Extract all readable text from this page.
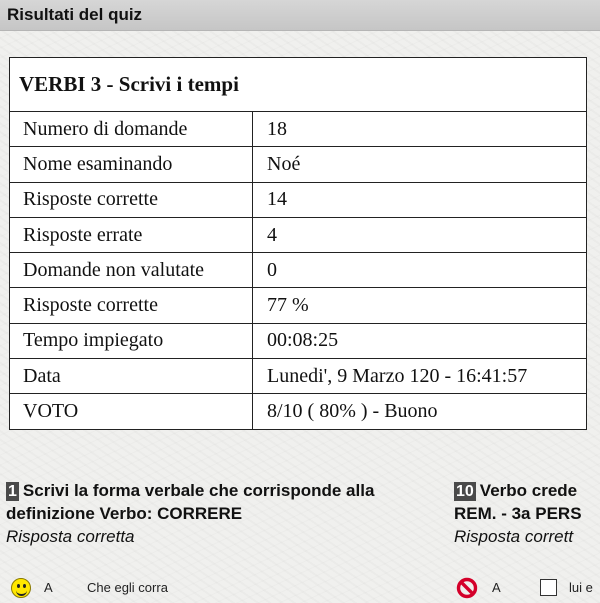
Risultati del quiz
VERBI 3 - Scrivi i tempi	
Numero di domande	18
Nome esaminando	Noé
Risposte corrette	14
Risposte errate	4
Domande non valutate	0
Risposte corrette	77 %
Tempo impiegato	00:08:25
Data	Lunedi', 9 Marzo 120 - 16:41:57
VOTO	8/10 ( 80% ) - Buono
1 Scrivi la forma verbale che corrisponde alla definizione Verbo: CORRERE
Risposta corretta
10 Verbo crede
REM. - 3a PERS
Risposta corrett
A	Che egli corra	A	lui e
